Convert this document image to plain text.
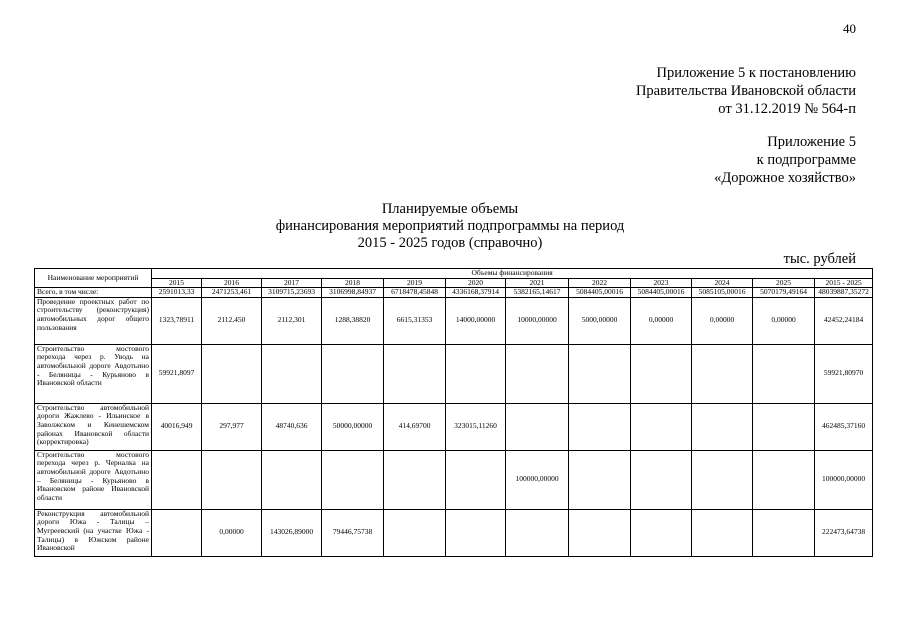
40
Приложение 5 к постановлению
Правительства Ивановской области
от 31.12.2019 № 564-п
Приложение 5
к подпрограмме
«Дорожное хозяйство»
Планируемые объемы
финансирования мероприятий подпрограммы на период
2015 - 2025 годов (справочно)
тыс. рублей
Наименование мероприятий	Объемы финансирования											
	2015	2016	2017	2018	2019	2020	2021	2022	2023	2024	2025	2015 - 2025
Всего, в том числе:	2591013,33	2471253,461	3109715,23693	3106998,84937	6718478,45848	4336168,37914	5382165,14617	5084405,00016	5084405,00016	5085105,00016	5070179,49164	48039887,35272
Проведение проектных работ по строительству (реконструкция) автомобильных дорог общего пользования	1323,78911	2112,450	2112,301	1288,38820	6615,31353	14000,00000	10000,00000	5000,00000	0,00000	0,00000	0,00000	42452,24184
Строительство мостового перехода через р. Уводь на автомобильной дороге Авдотьино - Беляницы - Курьяново в Ивановской области	59921,8097											59921,80970
Строительство автомобильной дороги Жажлево - Ильинское в Заволжском и Кинешемском районах Ивановской области (корректировка)	40016,949	297,977	48740,636	50000,00000	414,69700	323015,11260						462485,37160
Строительство мостового перехода через р. Черналка на автомобильной дороге Авдотьино – Беляницы - Курьяново в Ивановском районе Ивановской области							100000,00000					100000,00000

Реконструкция автомобильной дороги Южа - Талицы – Мугреевский (на участке Южа - Талицы) в Южском районе Ивановской		0,00000	143026,89000	79446,75738								222473,64738
